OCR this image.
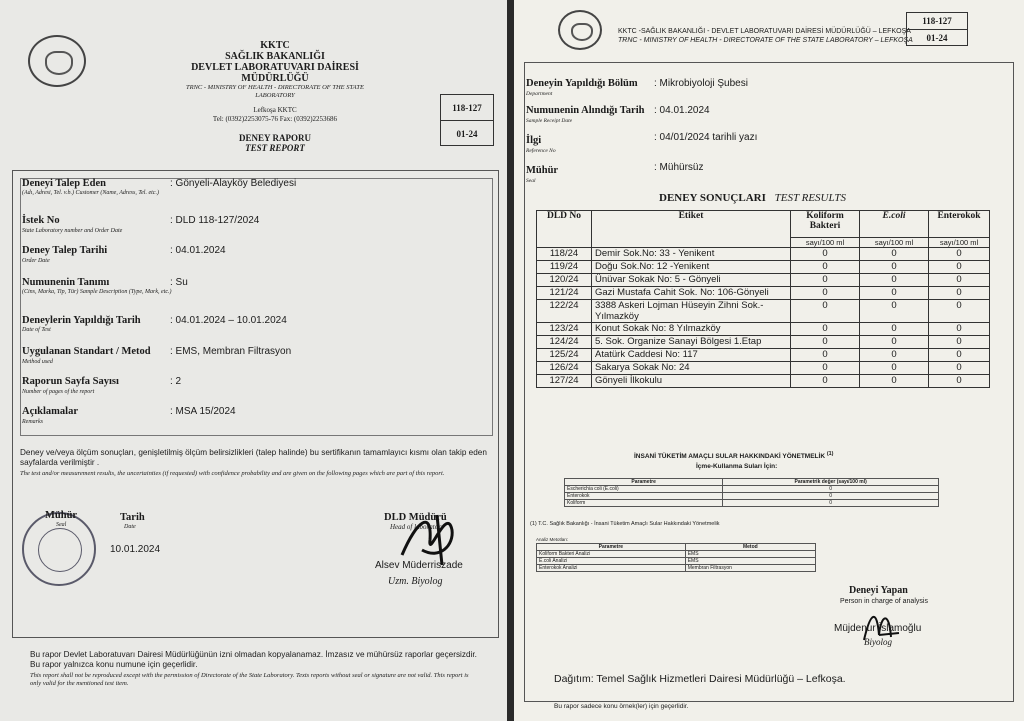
KKTC
SAĞLIK BAKANLIĞI
DEVLET LABORATUVARI DAİRESİ
MÜDÜRLÜĞÜ
TRNC - MINISTRY OF HEALTH - DIRECTORATE OF THE STATE
LABORATORY
Lefkoşa KKTC
Tel: (0392)2253075-76 Fax: (0392)2253686
DENEY RAPORU
TEST REPORT
118-127
01-24
Deneyi Talep Eden
(Adı, Adresi, Tel. v.b.) Customer (Name, Adress, Tel. etc.)
: Gönyeli-Alayköy Belediyesi
İstek No
State Laboratory number and Order Date
: DLD 118-127/2024
Deney Talep Tarihi
Order Date
: 04.01.2024
Numunenin Tanımı
(Cins, Marka, Tip, Tür) Sample Description (Type, Mark, etc.)
: Su
Deneylerin Yapıldığı Tarih
Date of Test
: 04.01.2024 – 10.01.2024
Uygulanan Standart / Metod
Method used
: EMS, Membran Filtrasyon
Raporun Sayfa Sayısı
Number of pages of the report
: 2
Açıklamalar
Remarks
: MSA 15/2024
Deney ve/veya ölçüm sonuçları, genişletilmiş ölçüm belirsizlikleri (talep halinde) bu sertifikanın tamamlayıcı kısmı olan takip eden sayfalarda verilmiştir .
The test and/or measurement results, the uncertainties (if requested) with confidence probability and are given on the following pages which are part of this report.
Mühür
Seal
Tarih
Date
10.01.2024
DLD Müdürü
Head of laboratory
Alsev Müderriszade
Uzm. Biyolog
Bu rapor Devlet Laboratuvarı Dairesi Müdürlüğünün izni olmadan kopyalanamaz. İmzasız ve mühürsüz raporlar geçersizdir. Bu rapor yalnızca konu numune için geçerlidir.
This report shall not be reproduced except with the permission of Directorate of the State Laboratory. Texts reports without seal or signature are not valid. This report is only valid for the mentioned test item.
KKTC -SAĞLIK BAKANLIĞI - DEVLET LABORATUVARI DAİRESİ MÜDÜRLÜĞÜ – LEFKOŞA
TRNC - MINISTRY OF HEALTH - DIRECTORATE OF THE STATE LABORATORY – LEFKOŞA
118-127
01-24
Deneyin Yapıldığı Bölüm
Department
: Mikrobiyoloji Şubesi
Numunenin Alındığı Tarih
Sample Receipt Date
: 04.01.2024
İlgi
Reference No
: 04/01/2024 tarihli yazı
Mühür
Seal
: Mühürsüz
DENEY SONUÇLARI TEST RESULTS
DLD No	Etiket	Koliform Bakteri	E.coli	Enterokok
		sayı/100 ml	sayı/100 ml	sayı/100 ml
118/24	Demir Sok.No: 33 - Yenikent	0	0	0
119/24	Doğu Sok.No: 12 -Yenikent	0	0	0
120/24	Ünüvar Sokak No: 5 - Gönyeli	0	0	0
121/24	Gazi Mustafa Cahit Sok. No: 106-Gönyeli	0	0	0
122/24	3388 Askeri Lojman Hüseyin Zihni Sok.-Yılmazköy	0	0	0
123/24	Konut Sokak No: 8 Yılmazköy	0	0	0
124/24	5. Sok. Organize Sanayi Bölgesi 1.Etap	0	0	0
125/24	Atatürk Caddesi No: 117	0	0	0
126/24	Sakarya Sokak No: 24	0	0	0
127/24	Gönyeli İlkokulu	0	0	0
İNSANİ TÜKETİM AMAÇLI SULAR HAKKINDAKİ YÖNETMELİK $^{(1)}$
İçme-Kullanma Suları İçin:
Parametre	Parametrik değer (sayı/100 ml)
Escherichia coli (E.coli)	0
Enterokok	0
Koliform	0
(1) T.C. Sağlık Bakanlığı - İnsani Tüketim Amaçlı Sular Hakkındaki Yönetmelik
Analiz Metotları:
Parametre	Metod
Koliform Bakteri Analizi	EMS
E.coli Analizi	EMS
Enterokok Analizi	Membran Filtrasyon
Deneyi Yapan
Person in charge of analysis
Müjdenur İslamoğlu
Biyolog
Dağıtım: Temel Sağlık Hizmetleri Dairesi Müdürlüğü – Lefkoşa.
Bu rapor sadece konu örnek(ler) için geçerlidir.
